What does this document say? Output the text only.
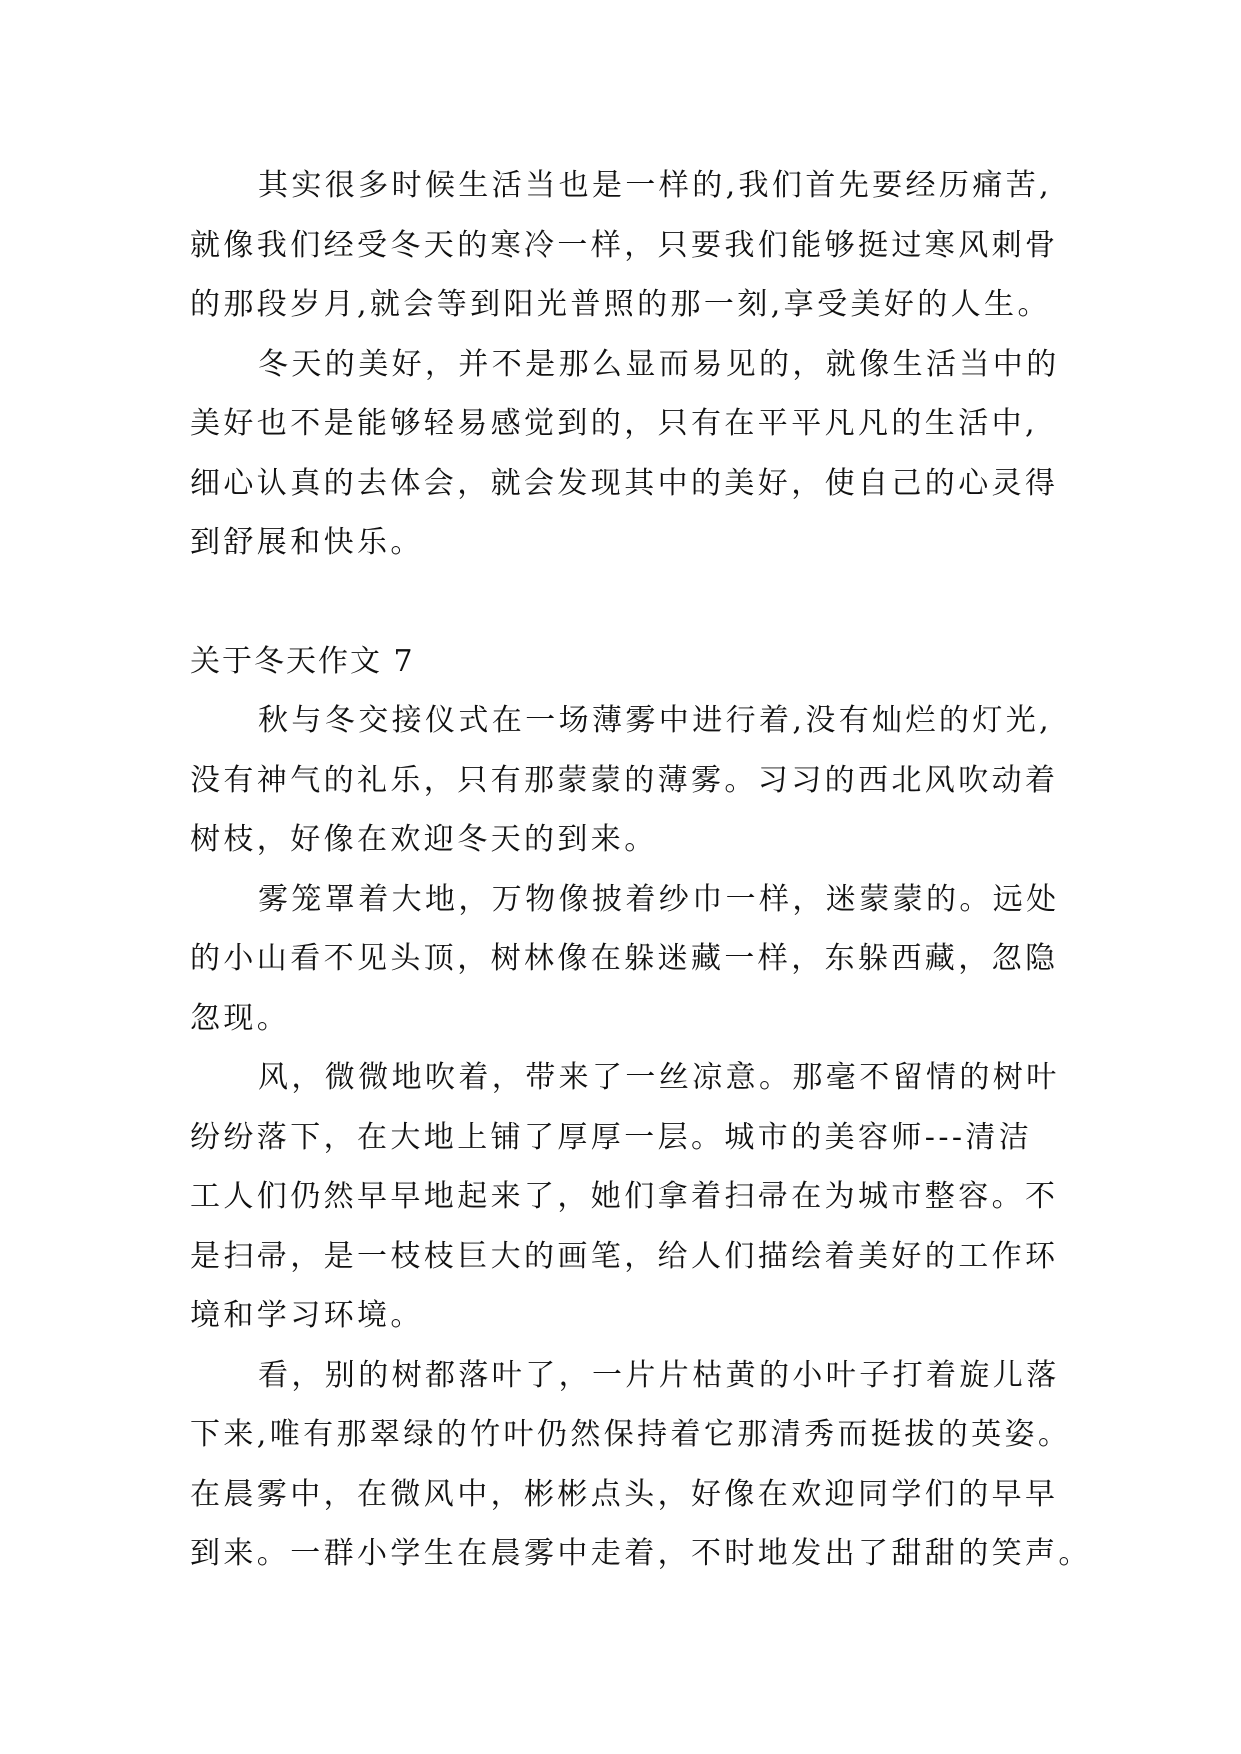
其实很多时候生活当也是一样的,我们首先要经历痛苦,

就像我们经受冬天的寒冷一样，只要我们能够挺过寒风刺骨

的那段岁月,就会等到阳光普照的那一刻,享受美好的人生。

冬天的美好，并不是那么显而易见的，就像生活当中的

美好也不是能够轻易感觉到的，只有在平平凡凡的生活中,

细心认真的去体会，就会发现其中的美好，使自己的心灵得

到舒展和快乐。

关于冬天作文 7

秋与冬交接仪式在一场薄雾中进行着,没有灿烂的灯光,

没有神气的礼乐，只有那蒙蒙的薄雾。习习的西北风吹动着

树枝，好像在欢迎冬天的到来。

雾笼罩着大地，万物像披着纱巾一样，迷蒙蒙的。远处

的小山看不见头顶，树林像在躲迷藏一样，东躲西藏，忽隐

忽现。

风，微微地吹着，带来了一丝凉意。那毫不留情的树叶

纷纷落下，在大地上铺了厚厚一层。城市的美容师---清洁

工人们仍然早早地起来了，她们拿着扫帚在为城市整容。不

是扫帚，是一枝枝巨大的画笔，给人们描绘着美好的工作环

境和学习环境。

看，别的树都落叶了，一片片枯黄的小叶子打着旋儿落

下来,唯有那翠绿的竹叶仍然保持着它那清秀而挺拔的英姿。

在晨雾中，在微风中，彬彬点头，好像在欢迎同学们的早早

到来。一群小学生在晨雾中走着，不时地发出了甜甜的笑声。
